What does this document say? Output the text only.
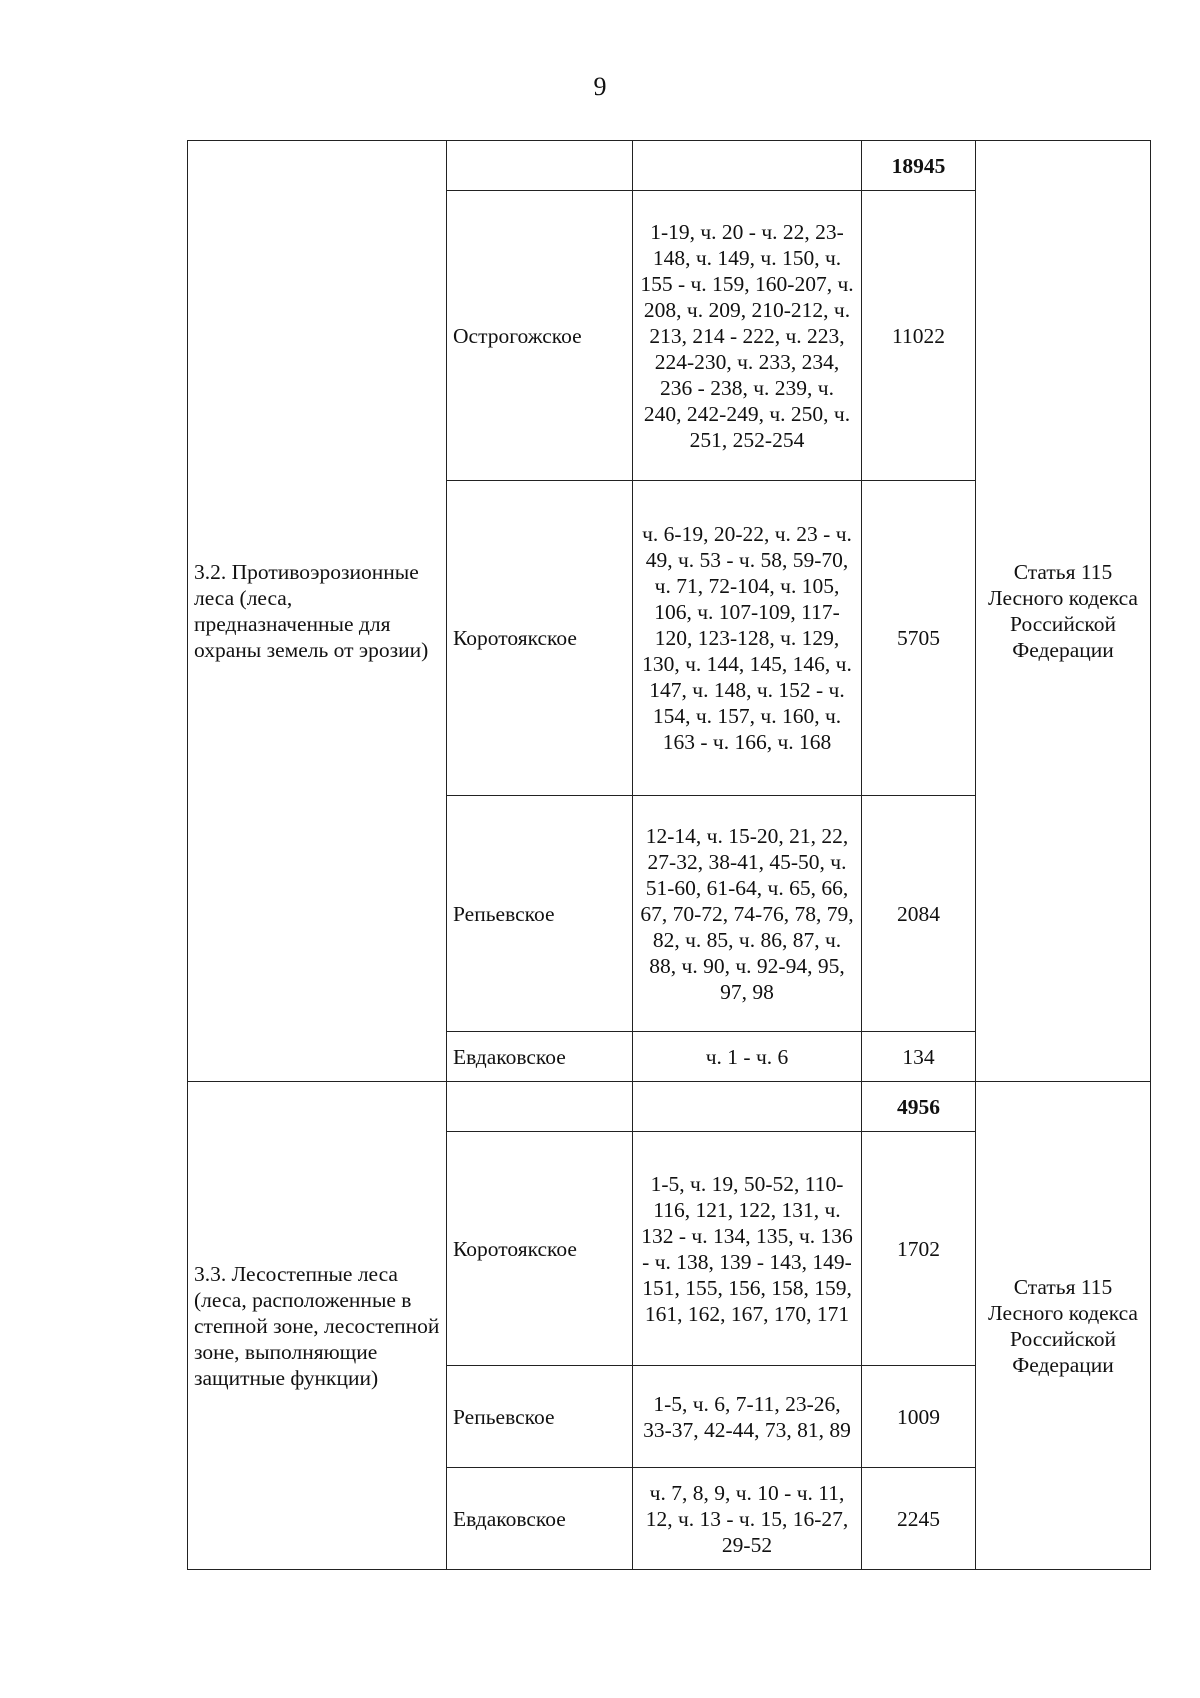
9
3.2. Противоэрозионные леса (леса, предназначенные для охраны земель от эрозии)			18945	Статья 115 Лесного кодекса Российской Федерации
	Острогожское	1-19, ч. 20 - ч. 22, 23-148, ч. 149, ч. 150, ч. 155 - ч. 159, 160-207, ч. 208, ч. 209, 210-212, ч. 213, 214 - 222, ч. 223, 224-230, ч. 233, 234, 236 - 238, ч. 239, ч. 240, 242-249, ч. 250, ч. 251, 252-254	11022	
	Коротоякское	ч. 6-19, 20-22, ч. 23 - ч. 49, ч. 53 - ч. 58, 59-70, ч. 71, 72-104, ч. 105, 106, ч. 107-109, 117-120, 123-128, ч. 129, 130, ч. 144, 145, 146, ч. 147, ч. 148, ч. 152 - ч. 154, ч. 157, ч. 160, ч. 163 - ч. 166, ч. 168	5705	
	Репьевское	12-14, ч. 15-20, 21, 22, 27-32, 38-41, 45-50, ч. 51-60, 61-64, ч. 65, 66, 67, 70-72, 74-76, 78, 79, 82, ч. 85, ч. 86, 87, ч. 88, ч. 90, ч. 92-94, 95, 97, 98	2084	
	Евдаковское	ч. 1 - ч. 6	134	
3.3. Лесостепные леса (леса, расположенные в степной зоне, лесостепной зоне, выполняющие защитные функции)			4956	Статья 115 Лесного кодекса Российской Федерации
	Коротоякское	1-5, ч. 19, 50-52, 110-116, 121, 122, 131, ч. 132 - ч. 134, 135, ч. 136 - ч. 138, 139 - 143, 149-151, 155, 156, 158, 159, 161, 162, 167, 170, 171	1702	
	Репьевское	1-5, ч. 6, 7-11, 23-26, 33-37, 42-44, 73, 81, 89	1009	
	Евдаковское	ч. 7, 8, 9, ч. 10 - ч. 11, 12, ч. 13 - ч. 15, 16-27, 29-52	2245	
